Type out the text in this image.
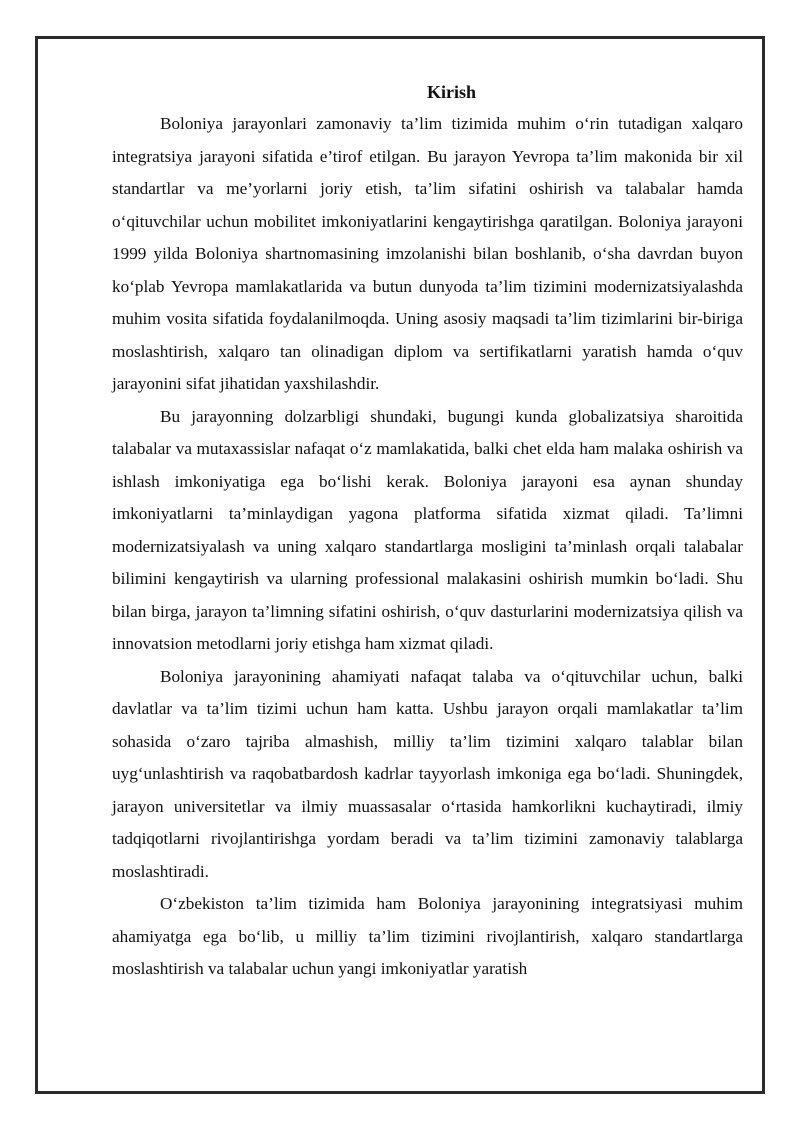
Kirish

Boloniya jarayonlari zamonaviy ta’lim tizimida muhim o‘rin tutadigan xalqaro integratsiya jarayoni sifatida e’tirof etilgan. Bu jarayon Yevropa ta’lim makonida bir xil standartlar va me’yorlarni joriy etish, ta’lim sifatini oshirish va talabalar hamda o‘qituvchilar uchun mobilitet imkoniyatlarini kengaytirishga qaratilgan. Boloniya jarayoni 1999 yilda Boloniya shartnomasining imzolanishi bilan boshlanib, o‘sha davrdan buyon ko‘plab Yevropa mamlakatlarida va butun dunyoda ta’lim tizimini modernizatsiyalashda muhim vosita sifatida foydalanilmoqda. Uning asosiy maqsadi ta’lim tizimlarini bir-biriga moslashtirish, xalqaro tan olinadigan diplom va sertifikatlarni yaratish hamda o‘quv jarayonini sifat jihatidan yaxshilashdir.

Bu jarayonning dolzarbligi shundaki, bugungi kunda globalizatsiya sharoitida talabalar va mutaxassislar nafaqat o‘z mamlakatida, balki chet elda ham malaka oshirish va ishlash imkoniyatiga ega bo‘lishi kerak. Boloniya jarayoni esa aynan shunday imkoniyatlarni ta’minlaydigan yagona platforma sifatida xizmat qiladi. Ta’limni modernizatsiyalash va uning xalqaro standartlarga mosligini ta’minlash orqali talabalar bilimini kengaytirish va ularning professional malakasini oshirish mumkin bo‘ladi. Shu bilan birga, jarayon ta’limning sifatini oshirish, o‘quv dasturlarini modernizatsiya qilish va innovatsion metodlarni joriy etishga ham xizmat qiladi.

Boloniya jarayonining ahamiyati nafaqat talaba va o‘qituvchilar uchun, balki davlatlar va ta’lim tizimi uchun ham katta. Ushbu jarayon orqali mamlakatlar ta’lim sohasida o‘zaro tajriba almashish, milliy ta’lim tizimini xalqaro talablar bilan uyg‘unlashtirish va raqobatbardosh kadrlar tayyorlash imkoniga ega bo‘ladi. Shuningdek, jarayon universitetlar va ilmiy muassasalar o‘rtasida hamkorlikni kuchaytiradi, ilmiy tadqiqotlarni rivojlantirishga yordam beradi va ta’lim tizimini zamonaviy talablarga moslashtiradi.

O‘zbekiston ta’lim tizimida ham Boloniya jarayonining integratsiyasi muhim ahamiyatga ega bo‘lib, u milliy ta’lim tizimini rivojlantirish, xalqaro standartlarga moslashtirish va talabalar uchun yangi imkoniyatlar yaratish
